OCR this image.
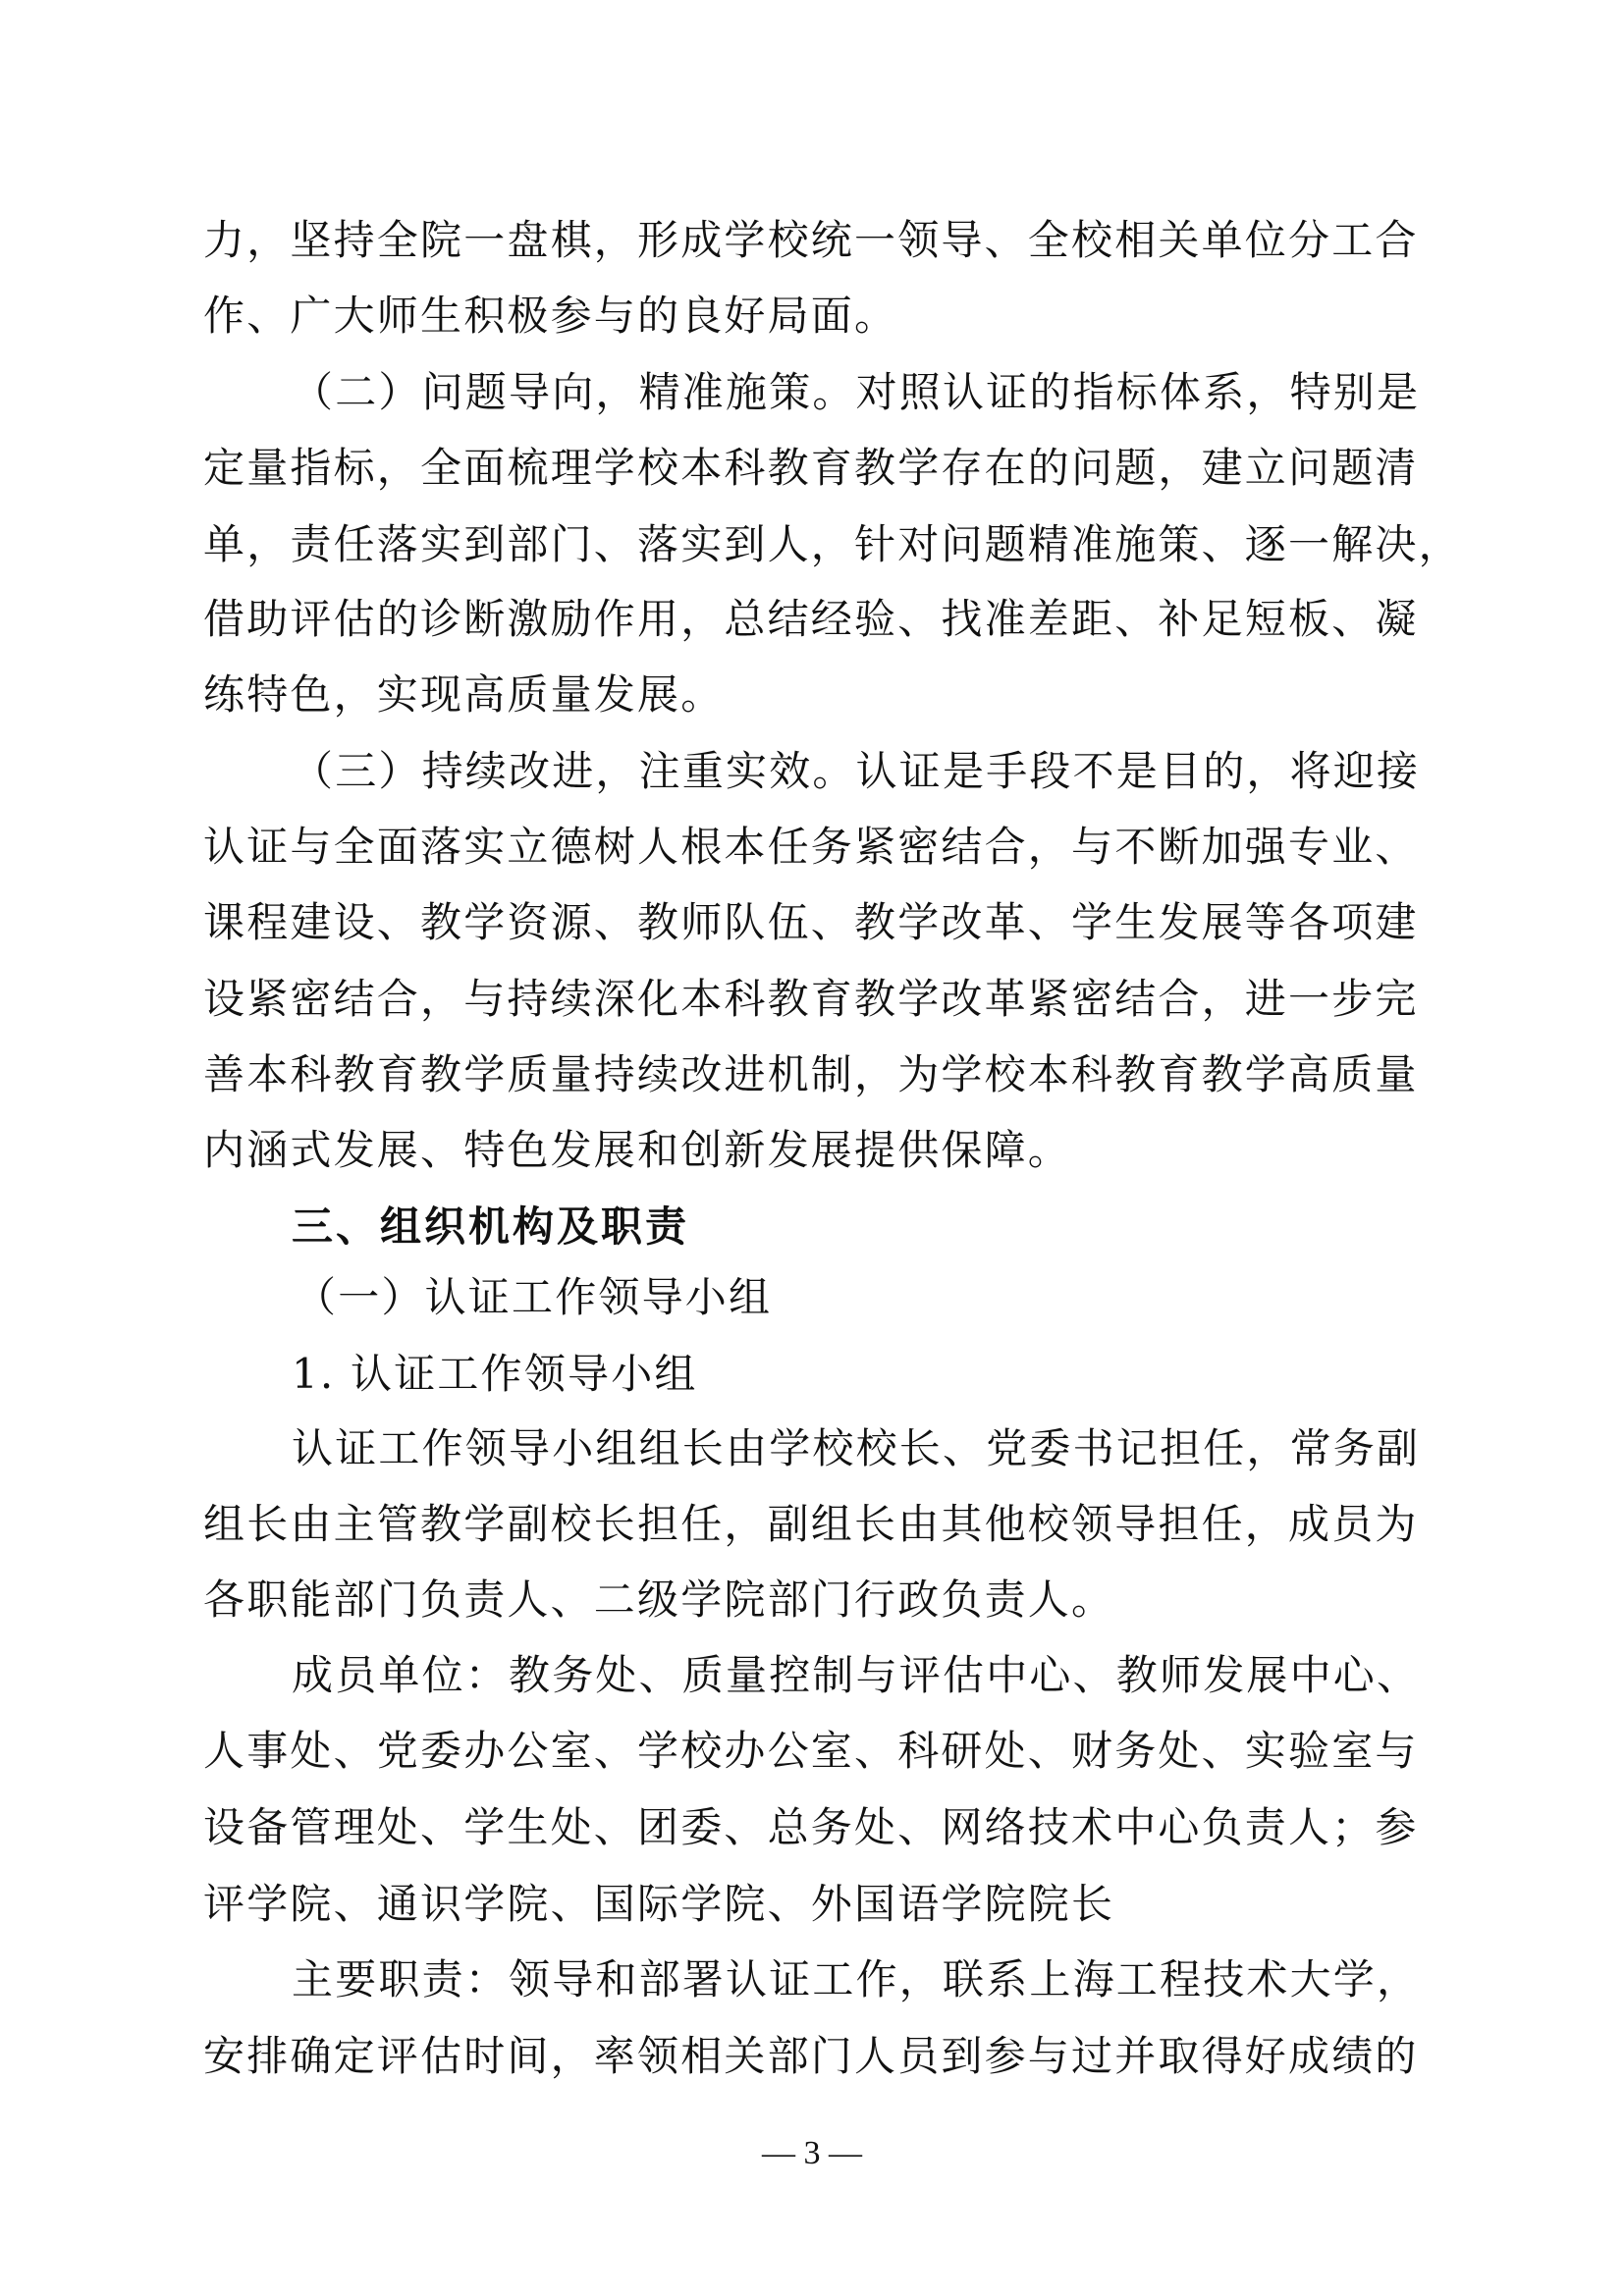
力，坚持全院一盘棋，形成学校统一领导、全校相关单位分工合
作、广大师生积极参与的良好局面。
（二）问题导向，精准施策。对照认证的指标体系，特别是
定量指标，全面梳理学校本科教育教学存在的问题，建立问题清
单，责任落实到部门、落实到人，针对问题精准施策、逐一解决，
借助评估的诊断激励作用，总结经验、找准差距、补足短板、凝
练特色，实现高质量发展。
（三）持续改进，注重实效。认证是手段不是目的，将迎接
认证与全面落实立德树人根本任务紧密结合，与不断加强专业、
课程建设、教学资源、教师队伍、教学改革、学生发展等各项建
设紧密结合，与持续深化本科教育教学改革紧密结合，进一步完
善本科教育教学质量持续改进机制，为学校本科教育教学高质量
内涵式发展、特色发展和创新发展提供保障。
三、组织机构及职责
（一）认证工作领导小组
1. 认证工作领导小组
认证工作领导小组组长由学校校长、党委书记担任，常务副
组长由主管教学副校长担任，副组长由其他校领导担任，成员为
各职能部门负责人、二级学院部门行政负责人。
成员单位：教务处、质量控制与评估中心、教师发展中心、
人事处、党委办公室、学校办公室、科研处、财务处、实验室与
设备管理处、学生处、团委、总务处、网络技术中心负责人；参
评学院、通识学院、国际学院、外国语学院院长
主要职责：领导和部署认证工作，联系上海工程技术大学，
安排确定评估时间，率领相关部门人员到参与过并取得好成绩的
— 3 —
